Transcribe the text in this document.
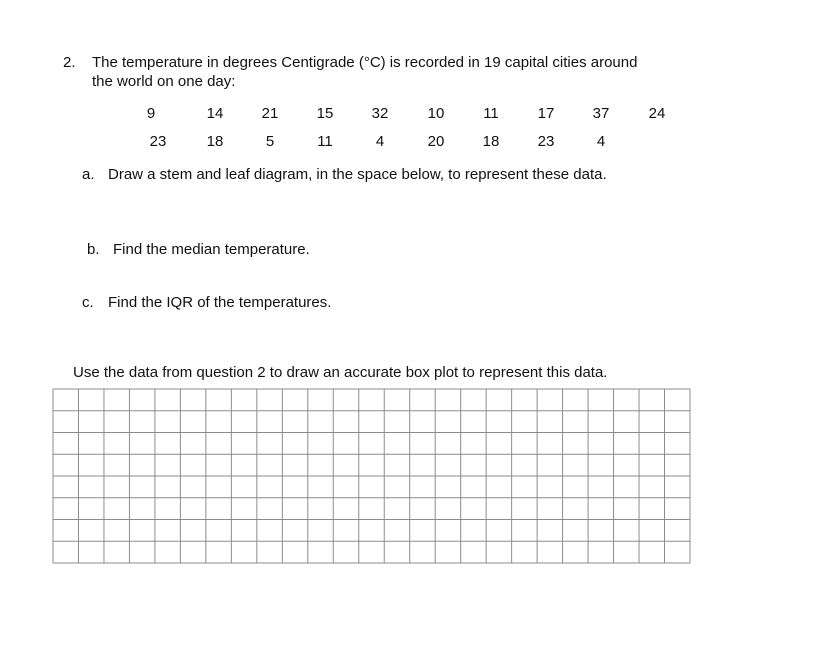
2. The temperature in degrees Centigrade (°C) is recorded in 19 capital cities around
the world on one day:
9	14	21	15	32	10	11	17	37	24
23	18	5	11	4	20	18	23	4
a. Draw a stem and leaf diagram, in the space below, to represent these data.
b. Find the median temperature.
c. Find the IQR of the temperatures.
Use the data from question 2 to draw an accurate box plot to represent this data.
